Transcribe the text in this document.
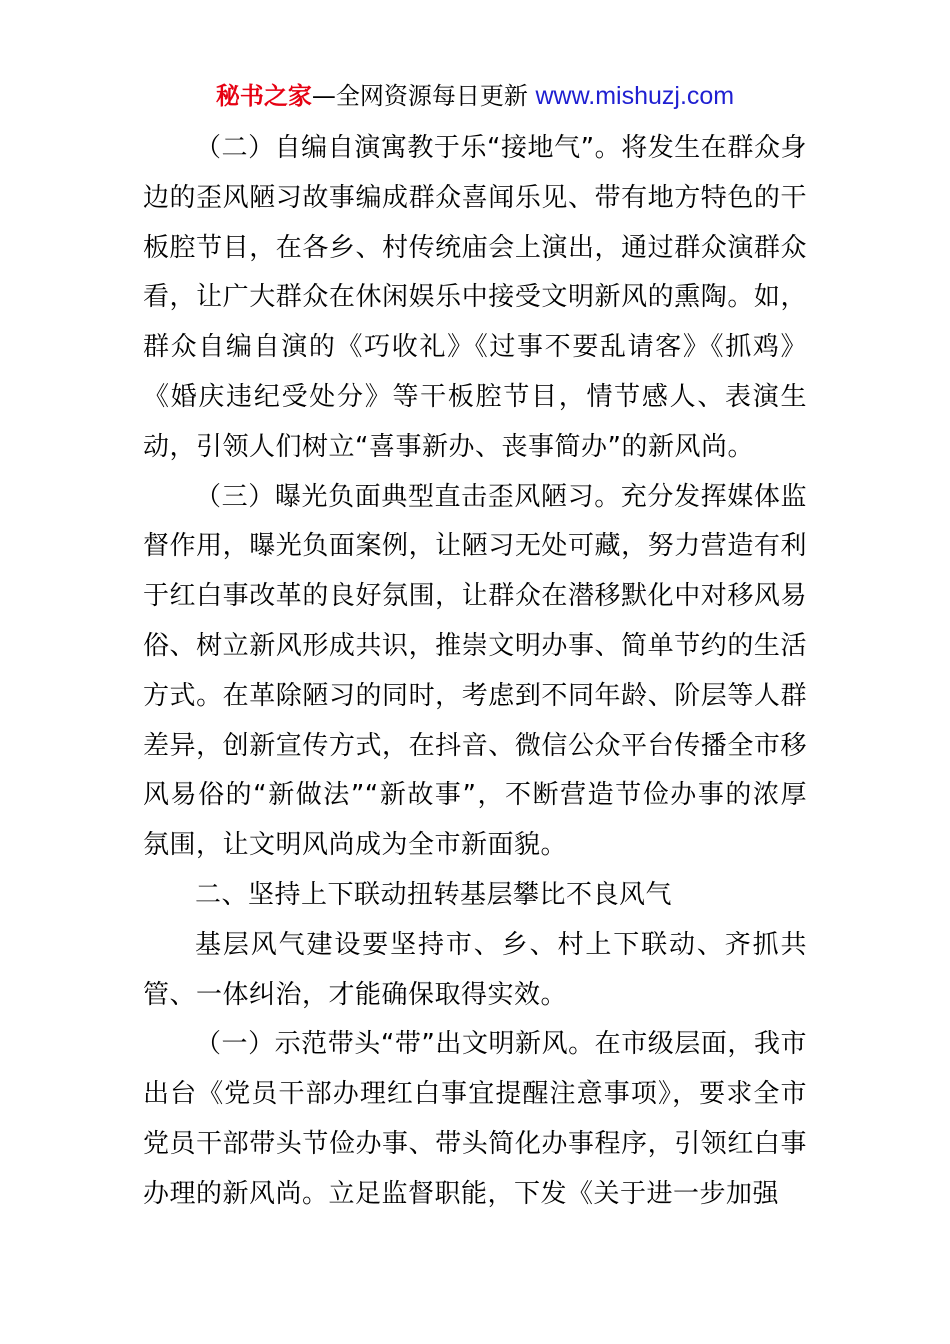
秘书之家—全网资源每日更新 www.mishuzj.com

（二）自编自演寓教于乐“接地气”。将发生在群众身边的歪风陋习故事编成群众喜闻乐见、带有地方特色的干板腔节目，在各乡、村传统庙会上演出，通过群众演群众看，让广大群众在休闲娱乐中接受文明新风的熏陶。如，群众自编自演的《巧收礼》《过事不要乱请客》《抓鸡》《婚庆违纪受处分》等干板腔节目，情节感人、表演生动，引领人们树立“喜事新办、丧事简办”的新风尚。

（三）曝光负面典型直击歪风陋习。充分发挥媒体监督作用，曝光负面案例，让陋习无处可藏，努力营造有利于红白事改革的良好氛围，让群众在潜移默化中对移风易俗、树立新风形成共识，推崇文明办事、简单节约的生活方式。在革除陋习的同时，考虑到不同年龄、阶层等人群差异，创新宣传方式，在抖音、微信公众平台传播全市移风易俗的“新做法”“新故事”，不断营造节俭办事的浓厚氛围，让文明风尚成为全市新面貌。

二、坚持上下联动扭转基层攀比不良风气

基层风气建设要坚持市、乡、村上下联动、齐抓共管、一体纠治，才能确保取得实效。

（一）示范带头“带”出文明新风。在市级层面，我市出台《党员干部办理红白事宜提醒注意事项》，要求全市党员干部带头节俭办事、带头简化办事程序，引领红白事办理的新风尚。立足监督职能，下发《关于进一步加强
